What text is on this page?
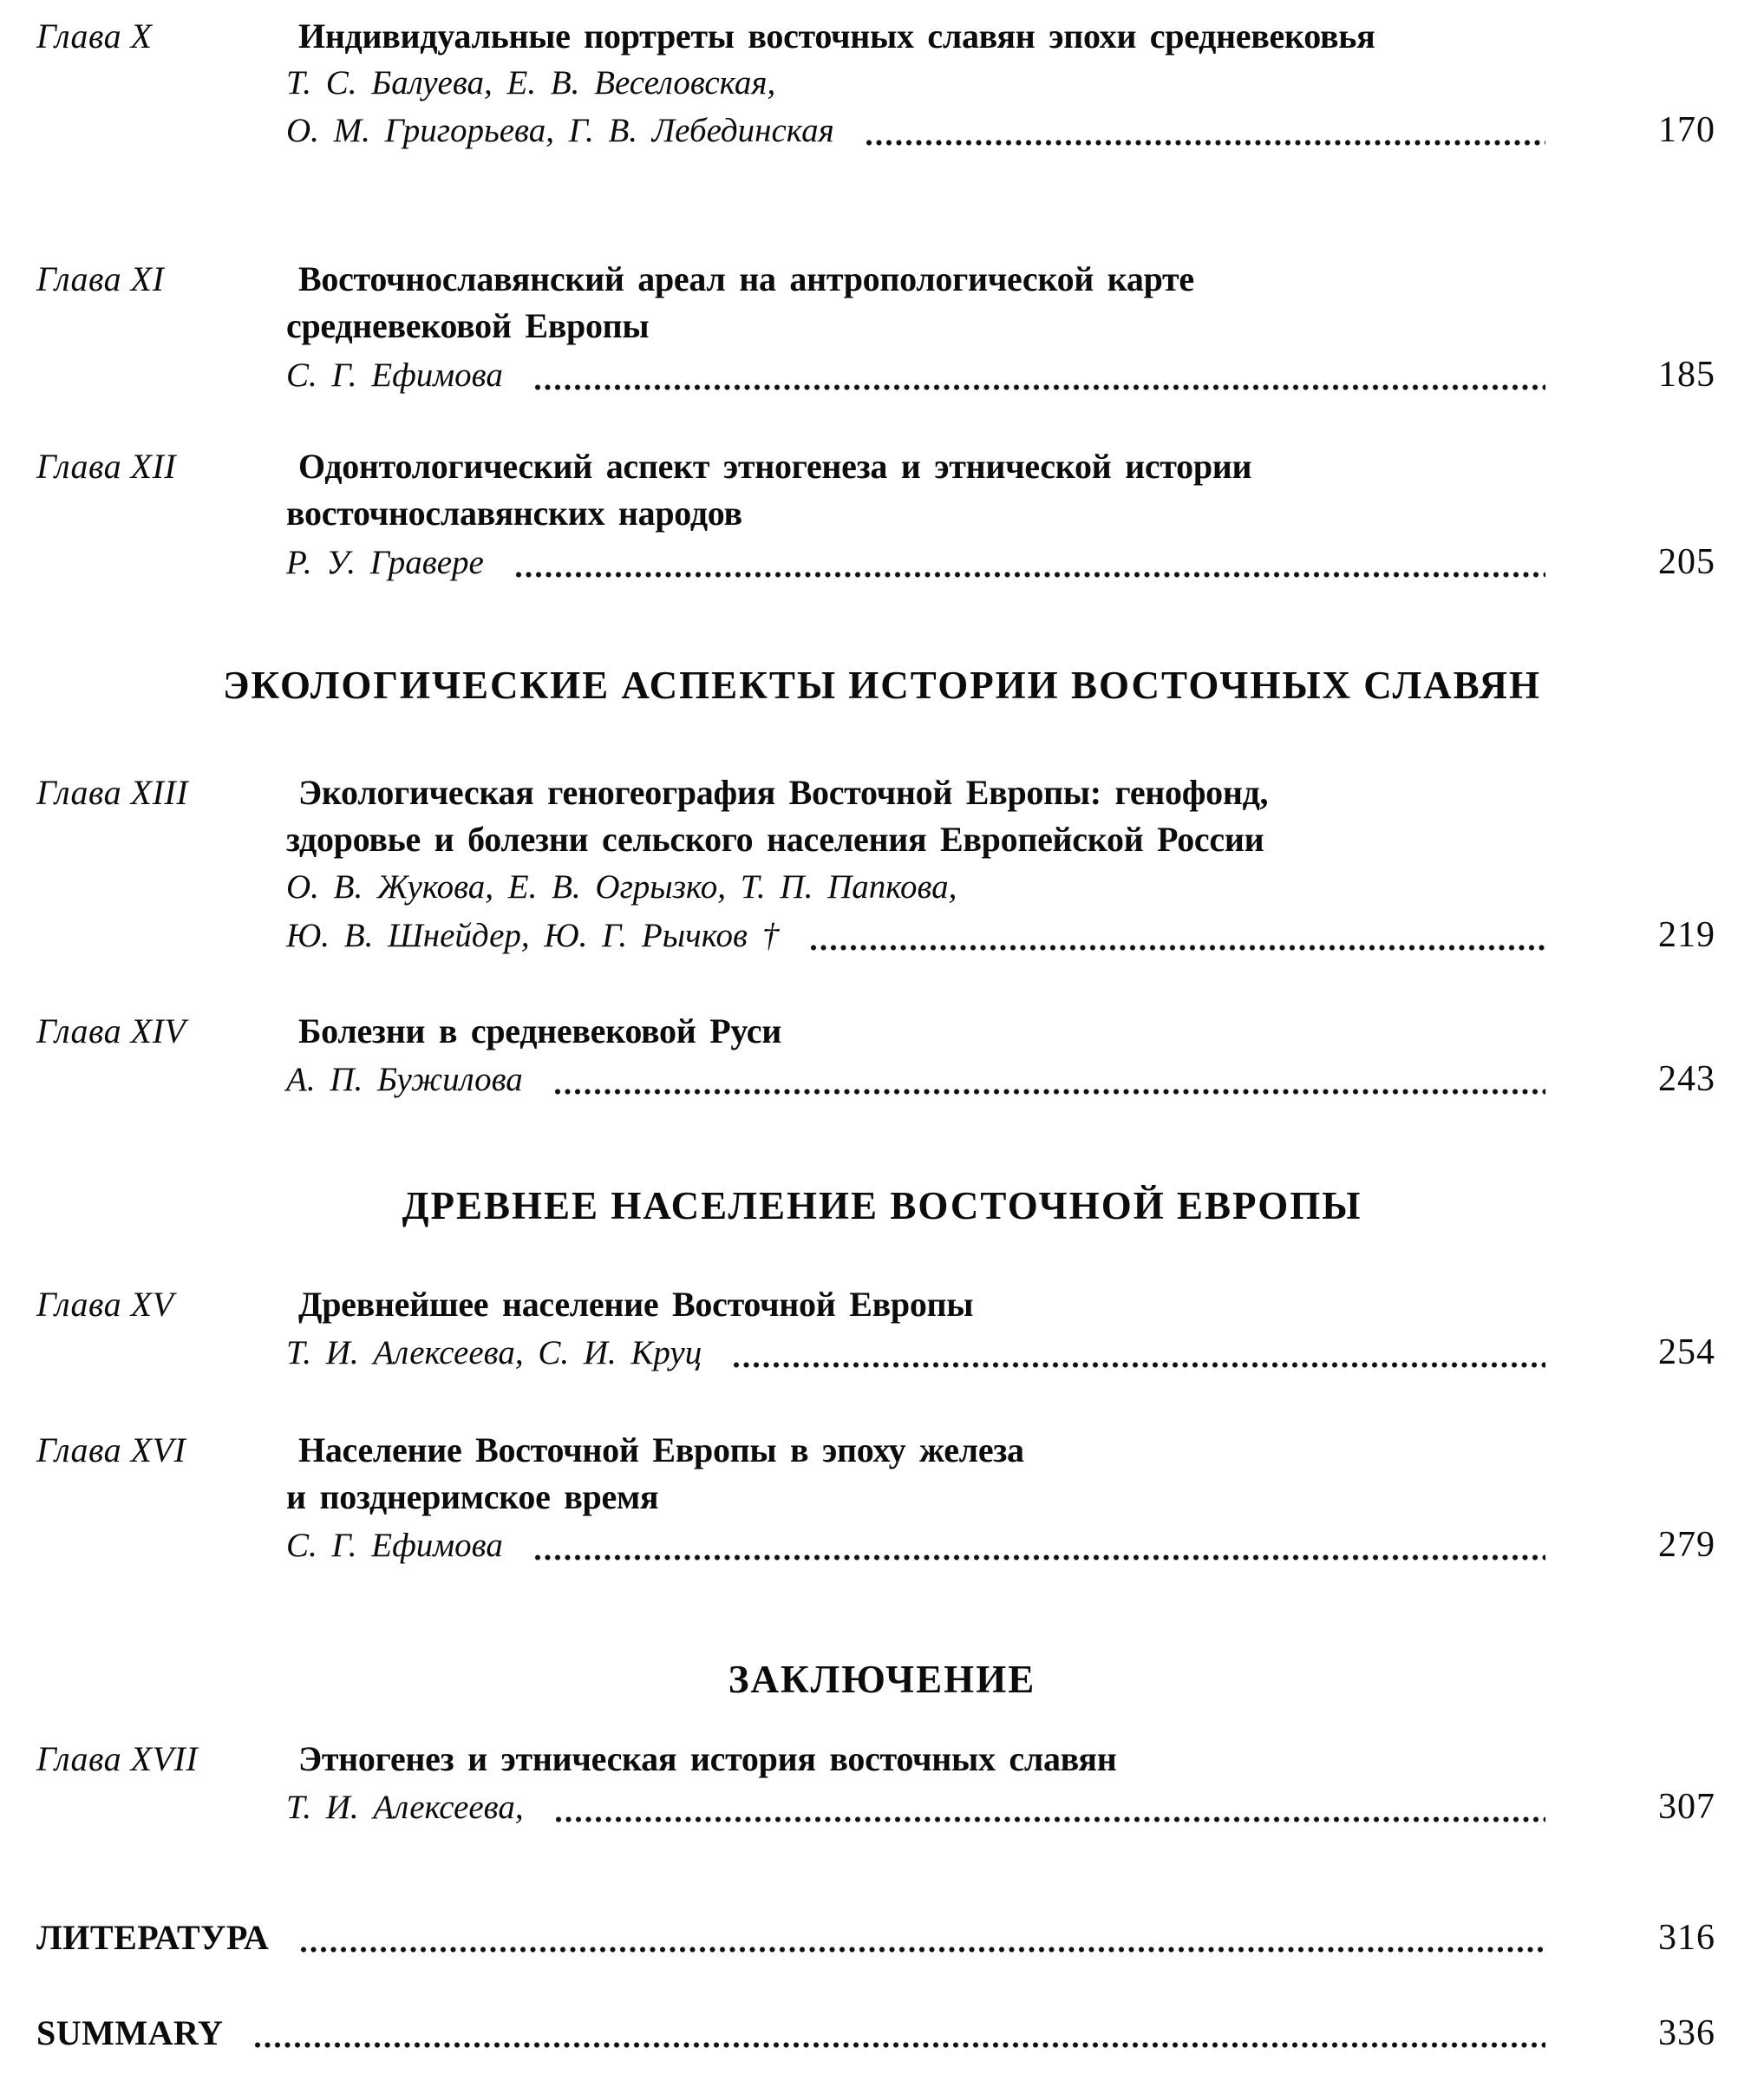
Глава X	Индивидуальные портреты восточных славян эпохи средневековья
Т. С. Балуева, Е. В. Веселовская,
О. М. Григорьева, Г. В. Лебединская	170
Глава XI	Восточнославянский ареал на антропологической карте
средневековой Европы
С. Г. Ефимова	185
Глава XII	Одонтологический аспект этногенеза и этнической истории
восточнославянских народов
Р. У. Гравере	205
ЭКОЛОГИЧЕСКИЕ АСПЕКТЫ ИСТОРИИ ВОСТОЧНЫХ СЛАВЯН
Глава XIII	Экологическая геногеография Восточной Европы: генофонд,
здоровье и болезни сельского населения Европейской России
О. В. Жукова, Е. В. Огрызко, Т. П. Папкова,
Ю. В. Шнейдер, Ю. Г. Рычков †	219
Глава XIV	Болезни в средневековой Руси
А. П. Бужилова	243
ДРЕВНЕЕ НАСЕЛЕНИЕ ВОСТОЧНОЙ ЕВРОПЫ
Глава XV	Древнейшее население Восточной Европы
Т. И. Алексеева, С. И. Круц	254
Глава XVI	Население Восточной Европы в эпоху железа
и позднеримское время
С. Г. Ефимова	279
ЗАКЛЮЧЕНИЕ
Глава XVII	Этногенез и этническая история восточных славян
Т. И. Алексеева,	307
ЛИТЕРАТУРА	316
SUMMARY	336
